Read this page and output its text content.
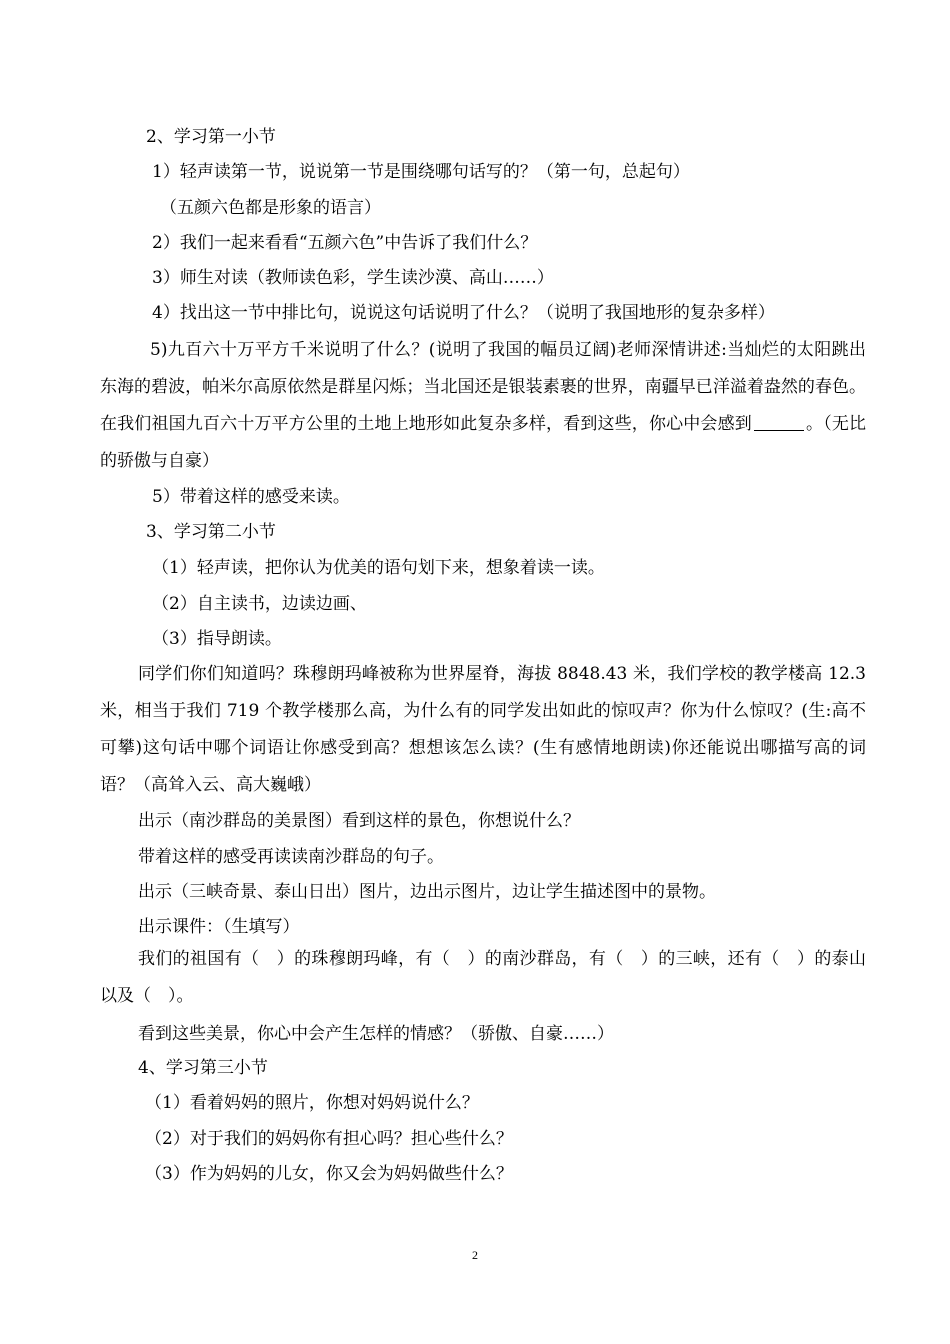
2、学习第一小节
1）轻声读第一节，说说第一节是围绕哪句话写的？（第一句，总起句）
（五颜六色都是形象的语言）
2）我们一起来看看“五颜六色”中告诉了我们什么？
3）师生对读（教师读色彩，学生读沙漠、高山……）
4）找出这一节中排比句，说说这句话说明了什么？（说明了我国地形的复杂多样）
5)九百六十万平方千米说明了什么？(说明了我国的幅员辽阔)老师深情讲述:当灿烂的太阳跳出东海的碧波，帕米尔高原依然是群星闪烁；当北国还是银装素裹的世界，南疆早已洋溢着盎然的春色。在我们祖国九百六十万平方公里的土地上地形如此复杂多样，看到这些，你心中会感到	。（无比的骄傲与自豪）
5）带着这样的感受来读。
3、学习第二小节
（1）轻声读，把你认为优美的语句划下来，想象着读一读。
（2）自主读书，边读边画、
（3）指导朗读。
同学们你们知道吗？珠穆朗玛峰被称为世界屋脊，海拔 8848.43 米，我们学校的教学楼高 12.3 米，相当于我们 719 个教学楼那么高，为什么有的同学发出如此的惊叹声？你为什么惊叹？(生:高不可攀)这句话中哪个词语让你感受到高？想想该怎么读？(生有感情地朗读)你还能说出哪描写高的词语？（高耸入云、高大巍峨）
出示（南沙群岛的美景图）看到这样的景色，你想说什么？
带着这样的感受再读读南沙群岛的句子。
出示（三峡奇景、泰山日出）图片，边出示图片，边让学生描述图中的景物。
出示课件：（生填写）
我们的祖国有（　）的珠穆朗玛峰，有（　）的南沙群岛，有（　）的三峡，还有（　）的泰山以及（　）。
看到这些美景，你心中会产生怎样的情感？（骄傲、自豪……）
4、学习第三小节
（1）看着妈妈的照片，你想对妈妈说什么？
（2）对于我们的妈妈你有担心吗？担心些什么？
（3）作为妈妈的儿女，你又会为妈妈做些什么？
2
